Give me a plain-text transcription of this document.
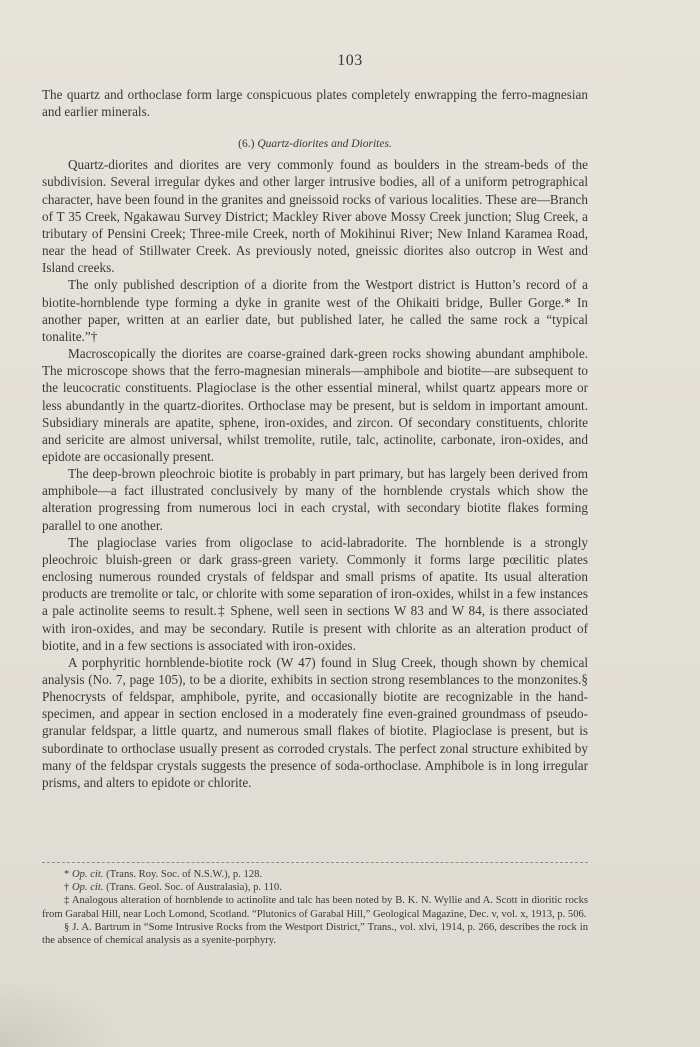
103

The quartz and orthoclase form large conspicuous plates completely enwrapping the ferro-magnesian and earlier minerals.

(6.) Quartz-diorites and Diorites.

Quartz-diorites and diorites are very commonly found as boulders in the stream-beds of the subdivision. Several irregular dykes and other larger intrusive bodies, all of a uniform petrographical character, have been found in the granites and gneissoid rocks of various localities. These are—Branch of T 35 Creek, Ngakawau Survey District; Mackley River above Mossy Creek junction; Slug Creek, a tributary of Pensini Creek; Three-mile Creek, north of Mokihinui River; New Inland Karamea Road, near the head of Stillwater Creek. As previously noted, gneissic diorites also outcrop in West and Island creeks.

The only published description of a diorite from the Westport district is Hutton’s record of a biotite-hornblende type forming a dyke in granite west of the Ohikaiti bridge, Buller Gorge.* In another paper, written at an earlier date, but published later, he called the same rock a “typical tonalite.”†

Macroscopically the diorites are coarse-grained dark-green rocks showing abundant amphibole. The microscope shows that the ferro-magnesian minerals—amphibole and biotite—are subsequent to the leucocratic constituents. Plagioclase is the other essential mineral, whilst quartz appears more or less abundantly in the quartz-diorites. Orthoclase may be present, but is seldom in important amount. Subsidiary minerals are apatite, sphene, iron-oxides, and zircon. Of secondary constituents, chlorite and sericite are almost universal, whilst tremolite, rutile, talc, actinolite, carbonate, iron-oxides, and epidote are occasionally present.

The deep-brown pleochroic biotite is probably in part primary, but has largely been derived from amphibole—a fact illustrated conclusively by many of the hornblende crystals which show the alteration progressing from numerous loci in each crystal, with secondary biotite flakes forming parallel to one another.

The plagioclase varies from oligoclase to acid-labradorite. The hornblende is a strongly pleochroic bluish-green or dark grass-green variety. Commonly it forms large pœcilitic plates enclosing numerous rounded crystals of feldspar and small prisms of apatite. Its usual alteration products are tremolite or talc, or chlorite with some separation of iron-oxides, whilst in a few instances a pale actinolite seems to result.‡ Sphene, well seen in sections W 83 and W 84, is there associated with iron-oxides, and may be secondary. Rutile is present with chlorite as an alteration product of biotite, and in a few sections is associated with iron-oxides.

A porphyritic hornblende-biotite rock (W 47) found in Slug Creek, though shown by chemical analysis (No. 7, page 105), to be a diorite, exhibits in section strong resemblances to the monzonites.§ Phenocrysts of feldspar, amphibole, pyrite, and occasionally biotite are recognizable in the hand-specimen, and appear in section enclosed in a moderately fine even-grained groundmass of pseudo-granular feldspar, a little quartz, and numerous small flakes of biotite. Plagioclase is present, but is subordinate to orthoclase usually present as corroded crystals. The perfect zonal structure exhibited by many of the feldspar crystals suggests the presence of soda-orthoclase. Amphibole is in long irregular prisms, and alters to epidote or chlorite.

* Op. cit. (Trans. Roy. Soc. of N.S.W.), p. 128.

† Op. cit. (Trans. Geol. Soc. of Australasia), p. 110.

‡ Analogous alteration of hornblende to actinolite and talc has been noted by B. K. N. Wyllie and A. Scott in dioritic rocks from Garabal Hill, near Loch Lomond, Scotland. “Plutonics of Garabal Hill,” Geological Magazine, Dec. v, vol. x, 1913, p. 506.

§ J. A. Bartrum in “Some Intrusive Rocks from the Westport District,” Trans., vol. xlvi, 1914, p. 266, describes the rock in the absence of chemical analysis as a syenite-porphyry.
